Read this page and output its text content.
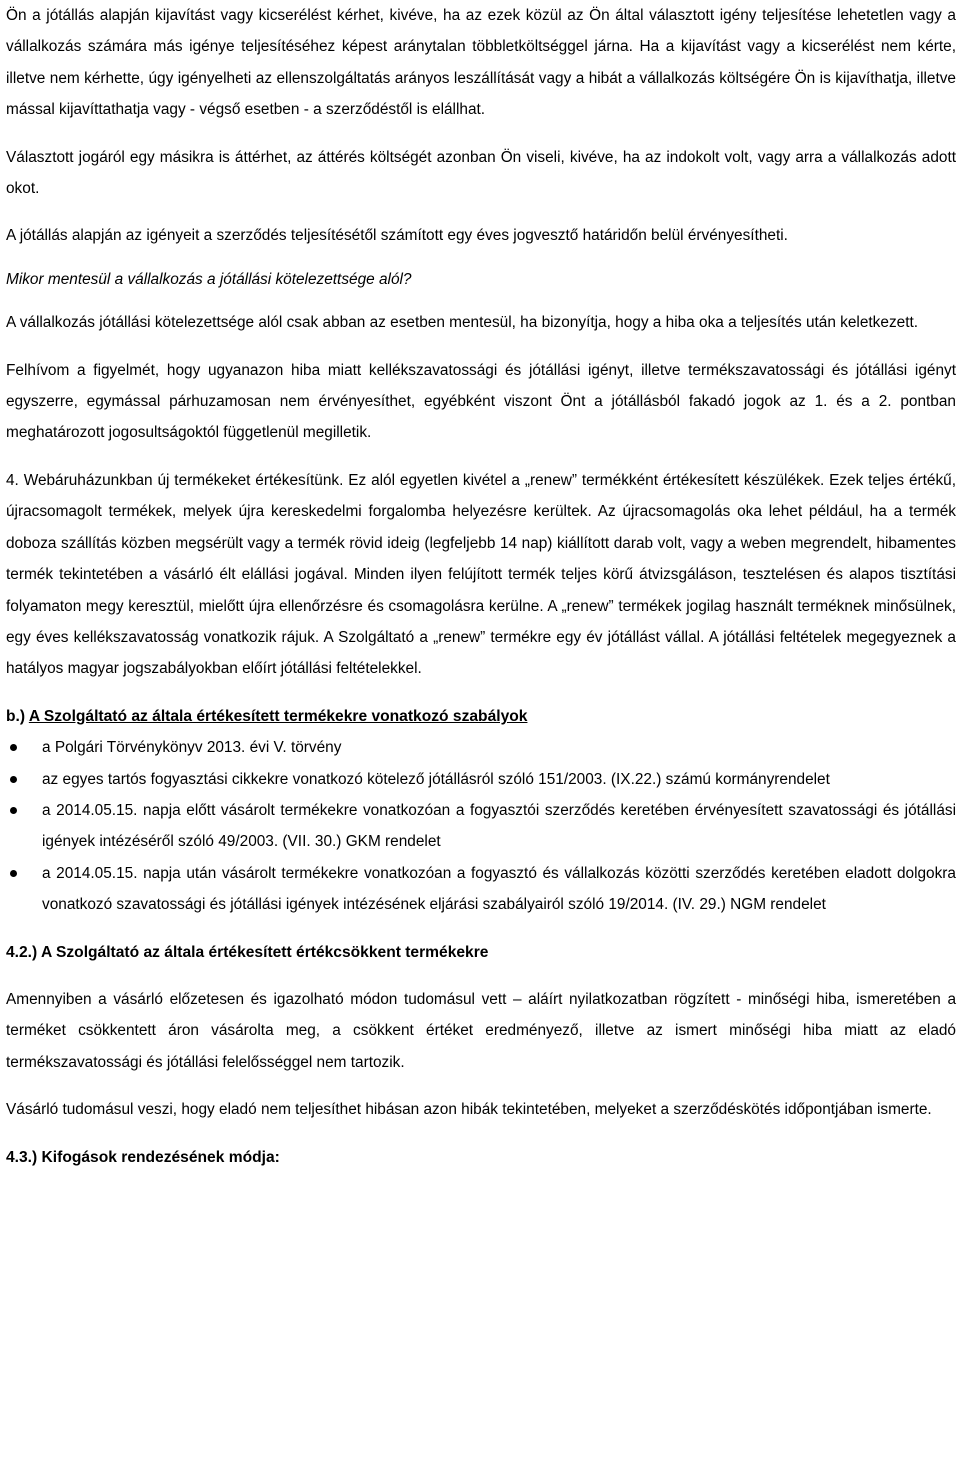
Ön a jótállás alapján kijavítást vagy kicserélést kérhet, kivéve, ha az ezek közül az Ön által választott igény teljesítése lehetetlen vagy a vállalkozás számára más igénye teljesítéséhez képest aránytalan többletköltséggel járna. Ha a kijavítást vagy a kicserélést nem kérte, illetve nem kérhette, úgy igényelheti az ellenszolgáltatás arányos leszállítását vagy a hibát a vállalkozás költségére Ön is kijavíthatja, illetve mással kijavíttathatja vagy - végső esetben - a szerződéstől is elállhat.

Választott jogáról egy másikra is áttérhet, az áttérés költségét azonban Ön viseli, kivéve, ha az indokolt volt, vagy arra a vállalkozás adott okot.

A jótállás alapján az igényeit a szerződés teljesítésétől számított egy éves jogvesztő határidőn belül érvényesítheti.

Mikor mentesül a vállalkozás a jótállási kötelezettsége alól?

A vállalkozás jótállási kötelezettsége alól csak abban az esetben mentesül, ha bizonyítja, hogy a hiba oka a teljesítés után keletkezett.

Felhívom a figyelmét, hogy ugyanazon hiba miatt kellékszavatossági és jótállási igényt, illetve termékszavatossági és jótállási igényt egyszerre, egymással párhuzamosan nem érvényesíthet, egyébként viszont Önt a jótállásból fakadó jogok az 1. és a 2. pontban meghatározott jogosultságoktól függetlenül megilletik.

4. Webáruházunkban új termékeket értékesítünk. Ez alól egyetlen kivétel a „renew” termékként értékesített készülékek. Ezek teljes értékű, újracsomagolt termékek, melyek újra kereskedelmi forgalomba helyezésre kerültek. Az újracsomagolás oka lehet például, ha a termék doboza szállítás közben megsérült vagy a termék rövid ideig (legfeljebb 14 nap) kiállított darab volt, vagy a weben megrendelt, hibamentes termék tekintetében a vásárló élt elállási jogával. Minden ilyen felújított termék teljes körű átvizsgáláson, tesztelésen és alapos tisztítási folyamaton megy keresztül, mielőtt újra ellenőrzésre és csomagolásra kerülne. A „renew” termékek jogilag használt terméknek minősülnek, egy éves kellékszavatosság vonatkozik rájuk. A Szolgáltató a „renew” termékre egy év jótállást vállal. A jótállási feltételek megegyeznek a hatályos magyar jogszabályokban előírt jótállási feltételekkel.

b.) A Szolgáltató az általa értékesített termékekre vonatkozó szabályok

a Polgári Törvénykönyv 2013. évi V. törvény
az egyes tartós fogyasztási cikkekre vonatkozó kötelező jótállásról szóló 151/2003. (IX.22.) számú kormányrendelet
a 2014.05.15. napja előtt vásárolt termékekre vonatkozóan a fogyasztói szerződés keretében érvényesített szavatossági és jótállási igények intézéséről szóló 49/2003. (VII. 30.) GKM rendelet
a 2014.05.15. napja után vásárolt termékekre vonatkozóan a fogyasztó és vállalkozás közötti szerződés keretében eladott dolgokra vonatkozó szavatossági és jótállási igények intézésének eljárási szabályairól szóló 19/2014. (IV. 29.) NGM rendelet

4.2.) A Szolgáltató az általa értékesített értékcsökkent termékekre

Amennyiben a vásárló előzetesen és igazolható módon tudomásul vett – aláírt nyilatkozatban rögzített - minőségi hiba, ismeretében a terméket csökkentett áron vásárolta meg, a csökkent értéket eredményező, illetve az ismert minőségi hiba miatt az eladó termékszavatossági és jótállási felelősséggel nem tartozik.

Vásárló tudomásul veszi, hogy eladó nem teljesíthet hibásan azon hibák tekintetében, melyeket a szerződéskötés időpontjában ismerte.

4.3.) Kifogások rendezésének módja:
